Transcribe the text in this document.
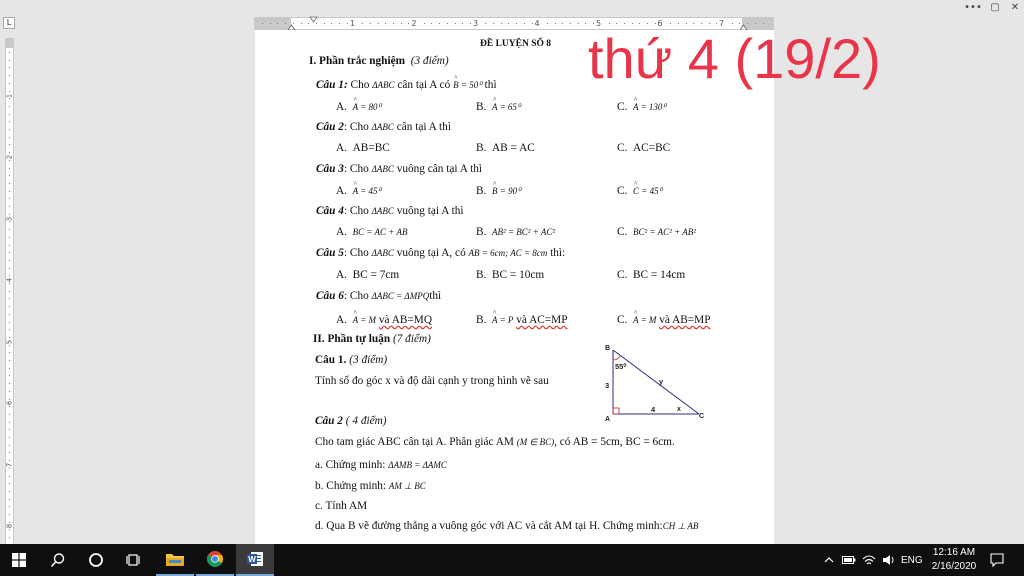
••• ▢	✕
L	1	2	3	4	5	6	7
1
2
3
4
5
6
7
8
thứ 4 (19/2)
ĐỀ LUYỆN SỐ 8
I. Phần trắc nghiệm (3 điểm)
Câu 1: Cho ΔABC cân tại A có ^ B = 50⁰ thì
A. ^ A = 80⁰	B. ^ A = 65⁰	C. ^ A = 130⁰
Câu 2: Cho ΔABC cân tại A thì
A. AB=BC	B. AB = AC	C. AC=BC
Câu 3: Cho ΔABC vuông cân tại A thì
A. ^ A = 45⁰	B. ^ B = 90⁰	C. ^ C = 45⁰
Câu 4: Cho ΔABC vuông tại A thì
A. BC = AC + AB	B. AB² = BC² + AC²	C. BC² = AC² + AB²
Câu 5: Cho ΔABC vuông tại A, có AB = 6cm; AC = 8cm thì:
A. BC = 7cm	B. BC = 10cm	C. BC = 14cm
Câu 6: Cho ΔABC = ΔMPQthì
A. ^ A = M và AB=MQ	B. ^ A = P và AC=MP	C. ^ A = M và AB=MP
II. Phần tự luận (7 điểm)
Câu 1. (3 điểm)
Tính số đo góc x và độ dài cạnh y trong hình vẽ sau
B
A	C
55⁰
3
4
y
x
Câu 2 ( 4 điểm)
Cho tam giác ABC cân tại A. Phân giác AM (M ∈ BC), có AB = 5cm, BC = 6cm.
a. Chứng minh: ΔAMB = ΔAMC
b. Chứng minh: AM ⊥ BC
c. Tính AM
d. Qua B vẽ đường thẳng a vuông góc với AC và cắt AM tại H. Chứng minh:CH ⊥ AB
W	ENG
12:16 AM
2/16/2020
